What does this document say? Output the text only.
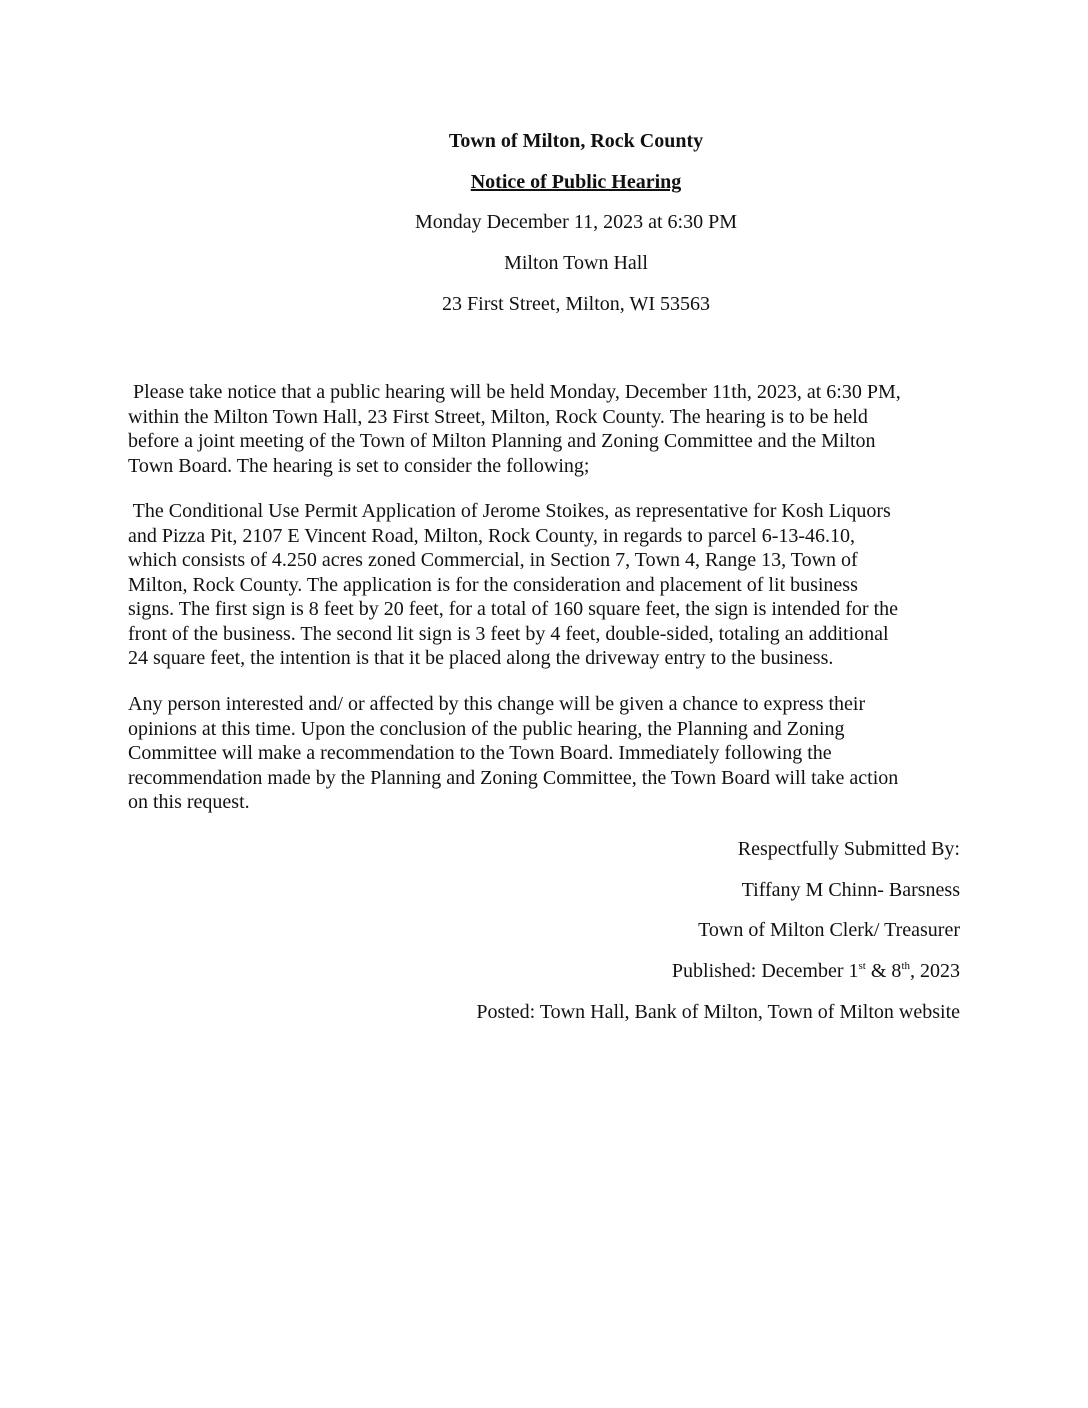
Town of Milton, Rock County
Notice of Public Hearing
Monday December 11, 2023 at 6:30 PM
Milton Town Hall
23 First Street, Milton, WI 53563
Please take notice that a public hearing will be held Monday, December 11th, 2023, at 6:30 PM,
within the Milton Town Hall, 23 First Street, Milton, Rock County. The hearing is to be held
before a joint meeting of the Town of Milton Planning and Zoning Committee and the Milton
Town Board. The hearing is set to consider the following;
The Conditional Use Permit Application of Jerome Stoikes, as representative for Kosh Liquors
and Pizza Pit, 2107 E Vincent Road, Milton, Rock County, in regards to parcel 6-13-46.10,
which consists of 4.250 acres zoned Commercial, in Section 7, Town 4, Range 13, Town of
Milton, Rock County. The application is for the consideration and placement of lit business
signs. The first sign is 8 feet by 20 feet, for a total of 160 square feet, the sign is intended for the
front of the business. The second lit sign is 3 feet by 4 feet, double-sided, totaling an additional
24 square feet, the intention is that it be placed along the driveway entry to the business.
Any person interested and/ or affected by this change will be given a chance to express their
opinions at this time. Upon the conclusion of the public hearing, the Planning and Zoning
Committee will make a recommendation to the Town Board. Immediately following the
recommendation made by the Planning and Zoning Committee, the Town Board will take action
on this request.
Respectfully Submitted By:
Tiffany M Chinn- Barsness
Town of Milton Clerk/ Treasurer
Published: December 1st & 8th, 2023
Posted: Town Hall, Bank of Milton, Town of Milton website
